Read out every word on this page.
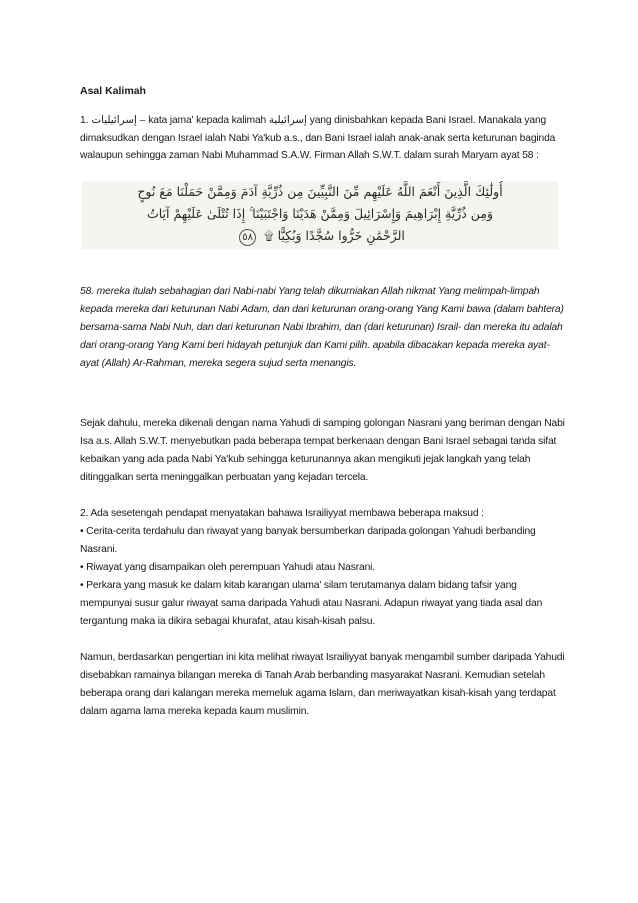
Asal Kalimah

1. إسرائيليات – kata jama' kepada kalimah إسرائيلية yang dinisbahkan kepada Bani Israel. Manakala yang dimaksudkan dengan Israel ialah Nabi Ya'kub a.s., dan Bani Israel ialah anak-anak serta keturunan baginda walaupun sehingga zaman Nabi Muhammad S.A.W. Firman Allah S.W.T. dalam surah Maryam ayat 58 :

أُولَٰئِكَ الَّذِينَ أَنْعَمَ اللَّهُ عَلَيْهِم مِّنَ النَّبِيِّينَ مِن ذُرِّيَّةِ آدَمَ وَمِمَّنْ حَمَلْنَا مَعَ نُوحٍ
وَمِن ذُرِّيَّةِ إِبْرَاهِيمَ وَإِسْرَائِيلَ وَمِمَّنْ هَدَيْنَا وَاجْتَبَيْنَا ۚ إِذَا تُتْلَىٰ عَلَيْهِمْ آيَاتُ
الرَّحْمَٰنِ خَرُّوا سُجَّدًا وَبُكِيًّا ۩ ٥٨

58. mereka itulah sebahagian dari Nabi-nabi Yang telah dikurniakan Allah nikmat Yang melimpah-limpah kepada mereka dari keturunan Nabi Adam, dan dari keturunan orang-orang Yang Kami bawa (dalam bahtera) bersama-sama Nabi Nuh, dan dari keturunan Nabi Ibrahim, dan (dari keturunan) Israil- dan mereka itu adalah dari orang-orang Yang Kami beri hidayah petunjuk dan Kami pilih. apabila dibacakan kepada mereka ayat-ayat (Allah) Ar-Rahman, mereka segera sujud serta menangis.

Sejak dahulu, mereka dikenali dengan nama Yahudi di samping golongan Nasrani yang beriman dengan Nabi Isa a.s. Allah S.W.T. menyebutkan pada beberapa tempat berkenaan dengan Bani Israel sebagai tanda sifat kebaikan yang ada pada Nabi Ya'kub sehingga keturunannya akan mengikuti jejak langkah yang telah ditinggalkan serta meninggalkan perbuatan yang kejadan tercela.

2. Ada sesetengah pendapat menyatakan bahawa Israiliyyat membawa beberapa maksud :

• Cerita-cerita terdahulu dan riwayat yang banyak bersumberkan daripada golongan Yahudi berbanding Nasrani.

• Riwayat yang disampaikan oleh perempuan Yahudi atau Nasrani.

• Perkara yang masuk ke dalam kitab karangan ulama' silam terutamanya dalam bidang tafsir yang mempunyai susur galur riwayat sama daripada Yahudi atau Nasrani. Adapun riwayat yang tiada asal dan tergantung maka ia dikira sebagai khurafat, atau kisah-kisah palsu.

Namun, berdasarkan pengertian ini kita melihat riwayat Israiliyyat banyak mengambil sumber daripada Yahudi disebabkan ramainya bilangan mereka di Tanah Arab berbanding masyarakat Nasrani. Kemudian setelah beberapa orang dari kalangan mereka memeluk agama Islam, dan meriwayatkan kisah-kisah yang terdapat dalam agama lama mereka kepada kaum muslimin.
